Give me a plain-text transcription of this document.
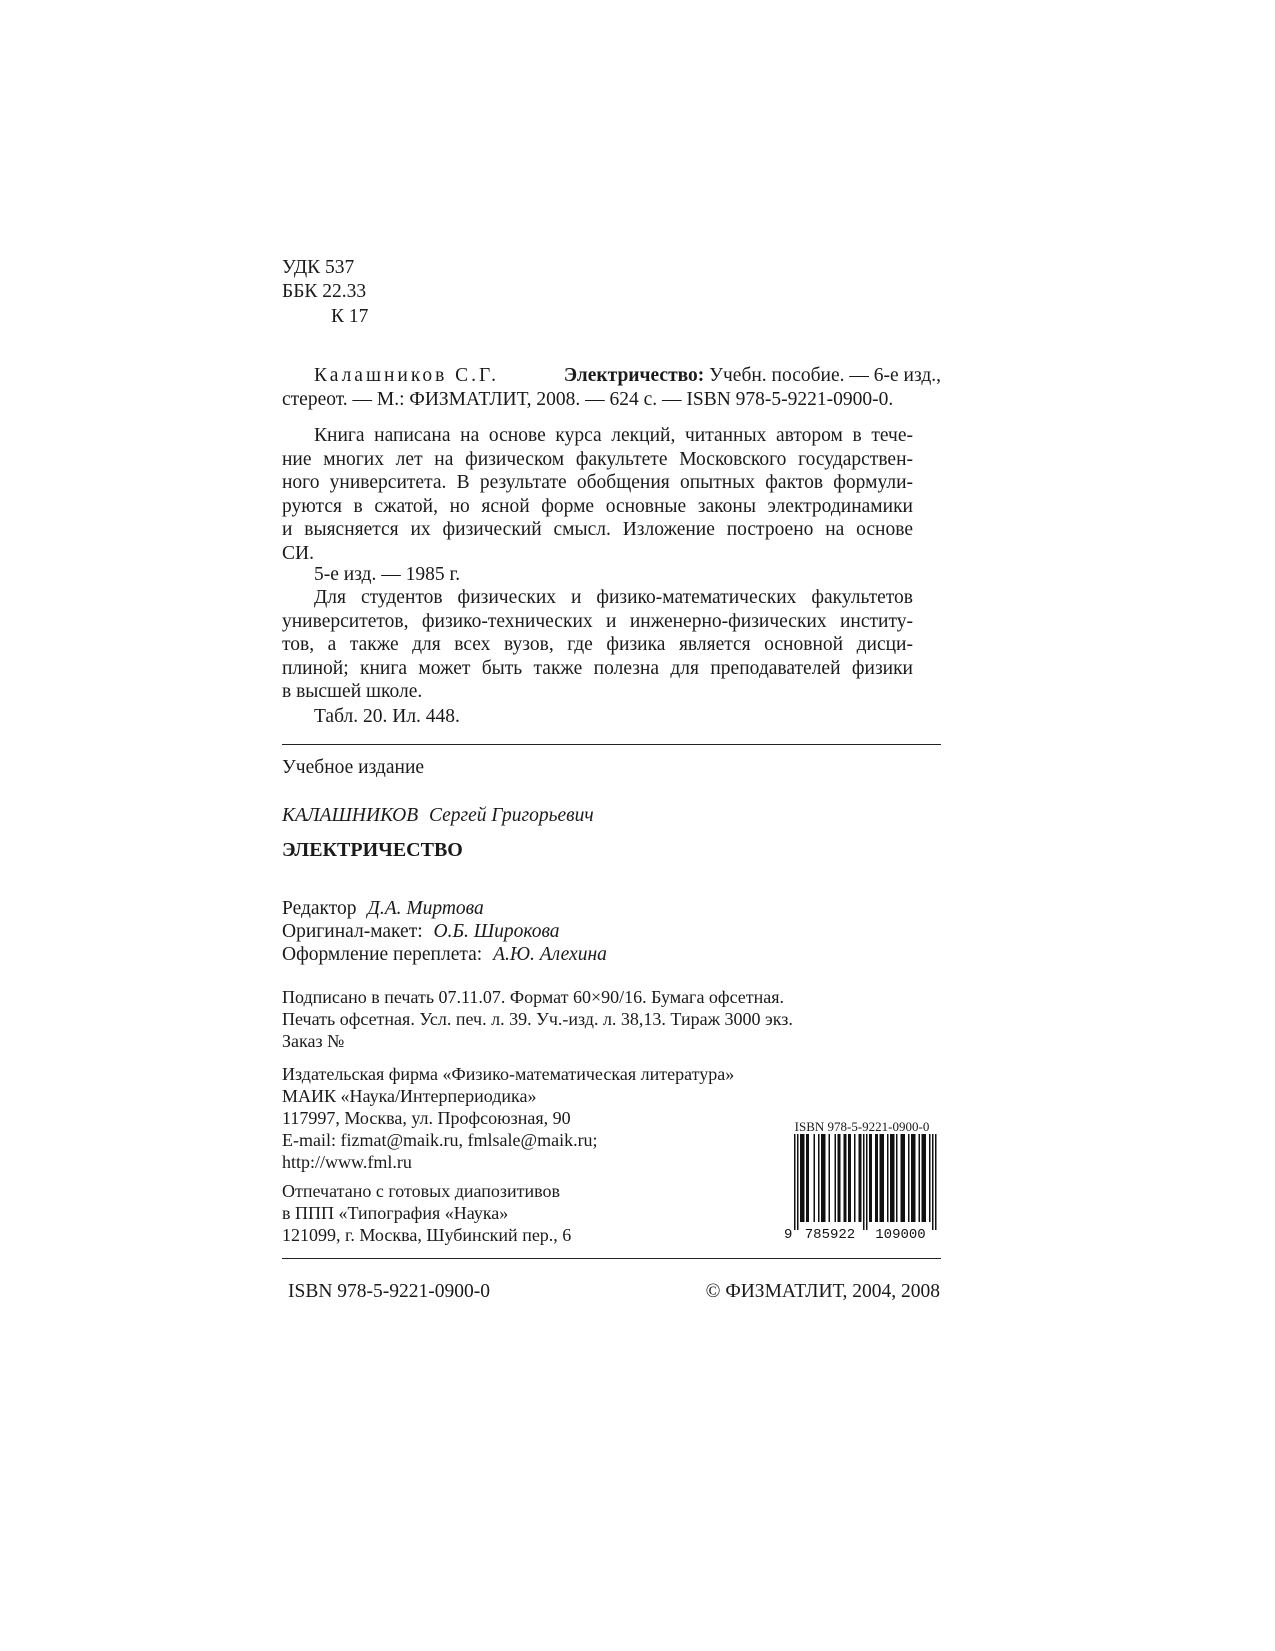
УДК 537
ББК 22.33
К 17
Калашников С.Г.	Электричество: Учебн. пособие. — 6-е изд.,
стереот. — М.: ФИЗМАТЛИТ, 2008. — 624 с. — ISBN 978-5-9221-0900-0.
Книга написана на основе курса лекций, читанных автором в тече-
ние многих лет на физическом факультете Московского государствен-
ного университета. В результате обобщения опытных фактов формули-
руются в сжатой, но ясной форме основные законы электродинамики
и выясняется их физический смысл. Изложение построено на основе
СИ.
5-е изд. — 1985 г.
Для студентов физических и физико-математических факультетов
университетов, физико-технических и инженерно-физических институ-
тов, а также для всех вузов, где физика является основной дисци-
плиной; книга может быть также полезна для преподавателей физики
в высшей школе.
Табл. 20. Ил. 448.
Учебное издание
КАЛАШНИКОВ Сергей Григорьевич
ЭЛЕКТРИЧЕСТВО
Редактор Д.А. Миртова
Оригинал-макет: О.Б. Широкова
Оформление переплета: А.Ю. Алехина
Подписано в печать 07.11.07. Формат 60×90/16. Бумага офсетная.
Печать офсетная. Усл. печ. л. 39. Уч.-изд. л. 38,13. Тираж 3000 экз.
Заказ №
Издательская фирма «Физико-математическая литература»
МАИК «Наука/Интерпериодика»
117997, Москва, ул. Профсоюзная, 90
E-mail: fizmat@maik.ru, fmlsale@maik.ru;
http://www.fml.ru
Отпечатано с готовых диапозитивов
в ППП «Типография «Наука»
121099, г. Москва, Шубинский пер., 6
ISBN 978-5-9221-0900-0
9 785922 109000
ISBN 978-5-9221-0900-0	© ФИЗМАТЛИТ, 2004, 2008
